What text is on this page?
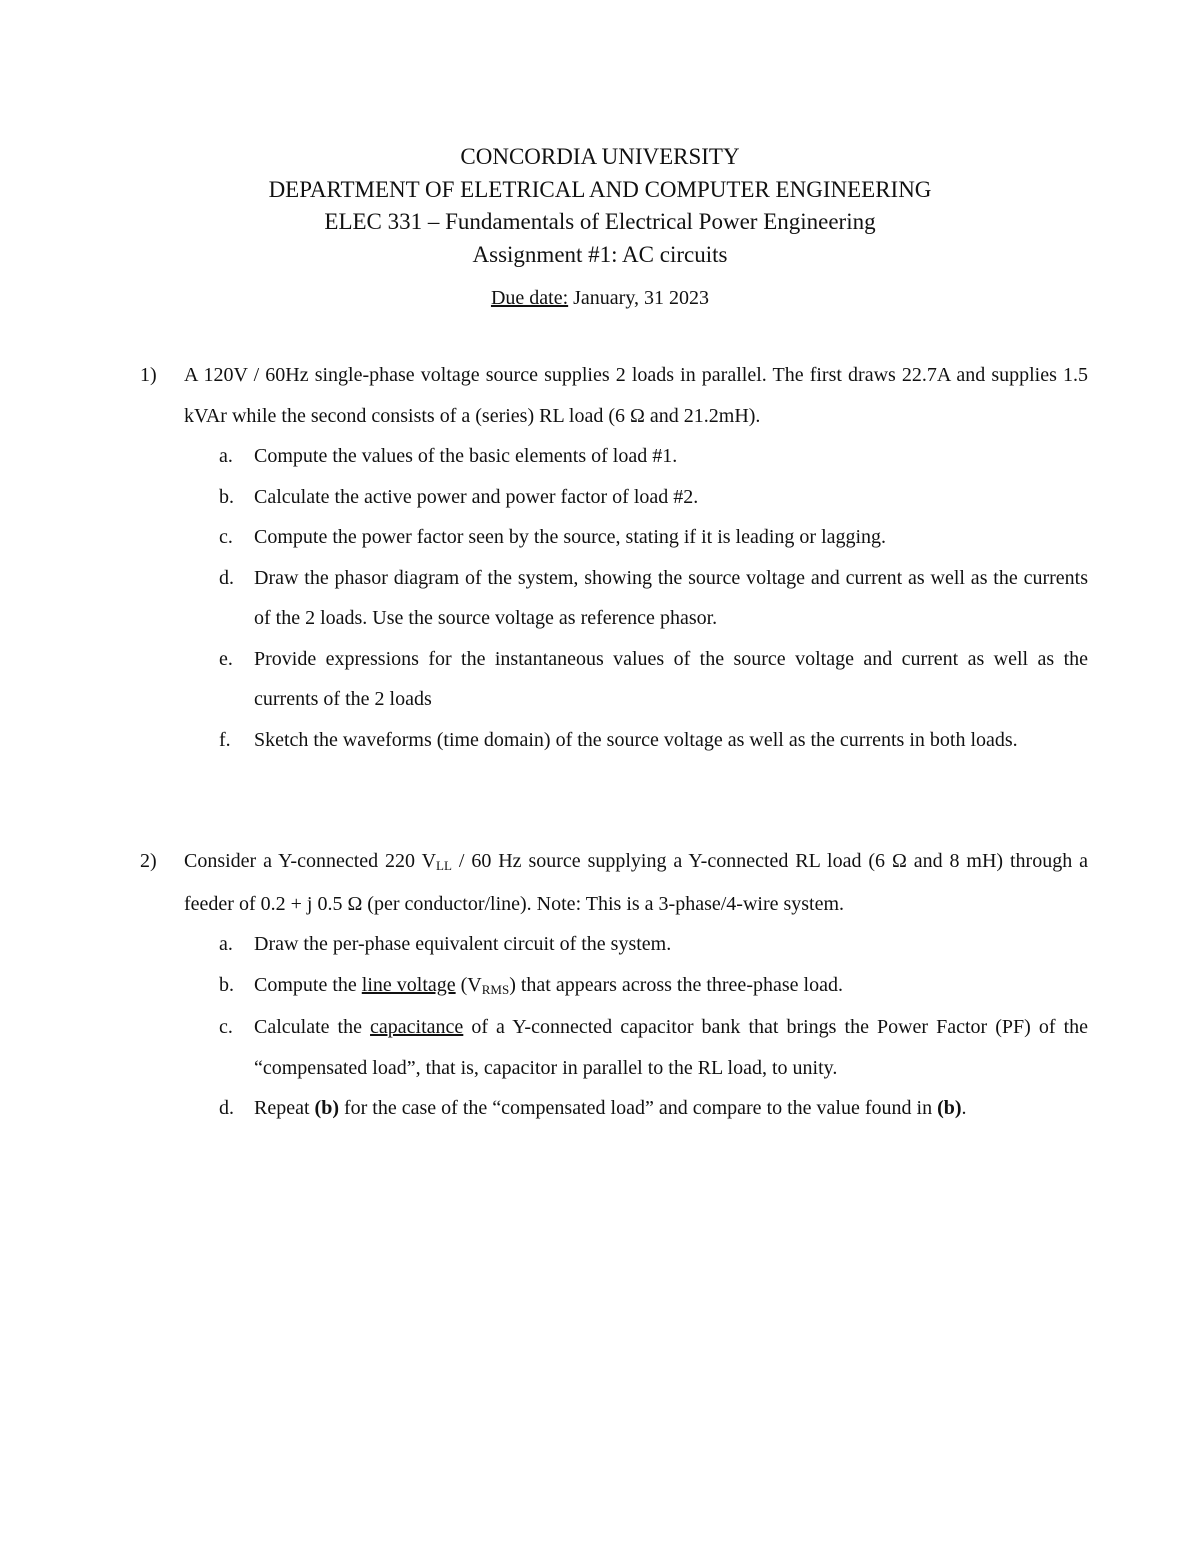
CONCORDIA UNIVERSITY
DEPARTMENT OF ELETRICAL AND COMPUTER ENGINEERING
ELEC 331 – Fundamentals of Electrical Power Engineering
Assignment #1: AC circuits
Due date: January, 31 2023
1) A 120V / 60Hz single-phase voltage source supplies 2 loads in parallel. The first draws 22.7A and supplies 1.5 kVAr while the second consists of a (series) RL load (6 Ω and 21.2mH).
a. Compute the values of the basic elements of load #1.
b. Calculate the active power and power factor of load #2.
c. Compute the power factor seen by the source, stating if it is leading or lagging.
d. Draw the phasor diagram of the system, showing the source voltage and current as well as the currents of the 2 loads. Use the source voltage as reference phasor.
e. Provide expressions for the instantaneous values of the source voltage and current as well as the currents of the 2 loads
f. Sketch the waveforms (time domain) of the source voltage as well as the currents in both loads.
2) Consider a Y-connected 220 $V_{LL} / 60$ Hz source supplying a Y-connected RL load (6 Ω and 8 mH) through a feeder of 0.2 + j 0.5 Ω (per conductor/line). Note: This is a 3-phase/4-wire system.
a. Draw the per-phase equivalent circuit of the system.
b. Compute the line voltage $(V_{RMS})$ that appears across the three-phase load.
c. Calculate the capacitance of a Y-connected capacitor bank that brings the Power Factor (PF) of the “compensated load”, that is, capacitor in parallel to the RL load, to unity.
d. Repeat (b) for the case of the “compensated load” and compare to the value found in (b).
